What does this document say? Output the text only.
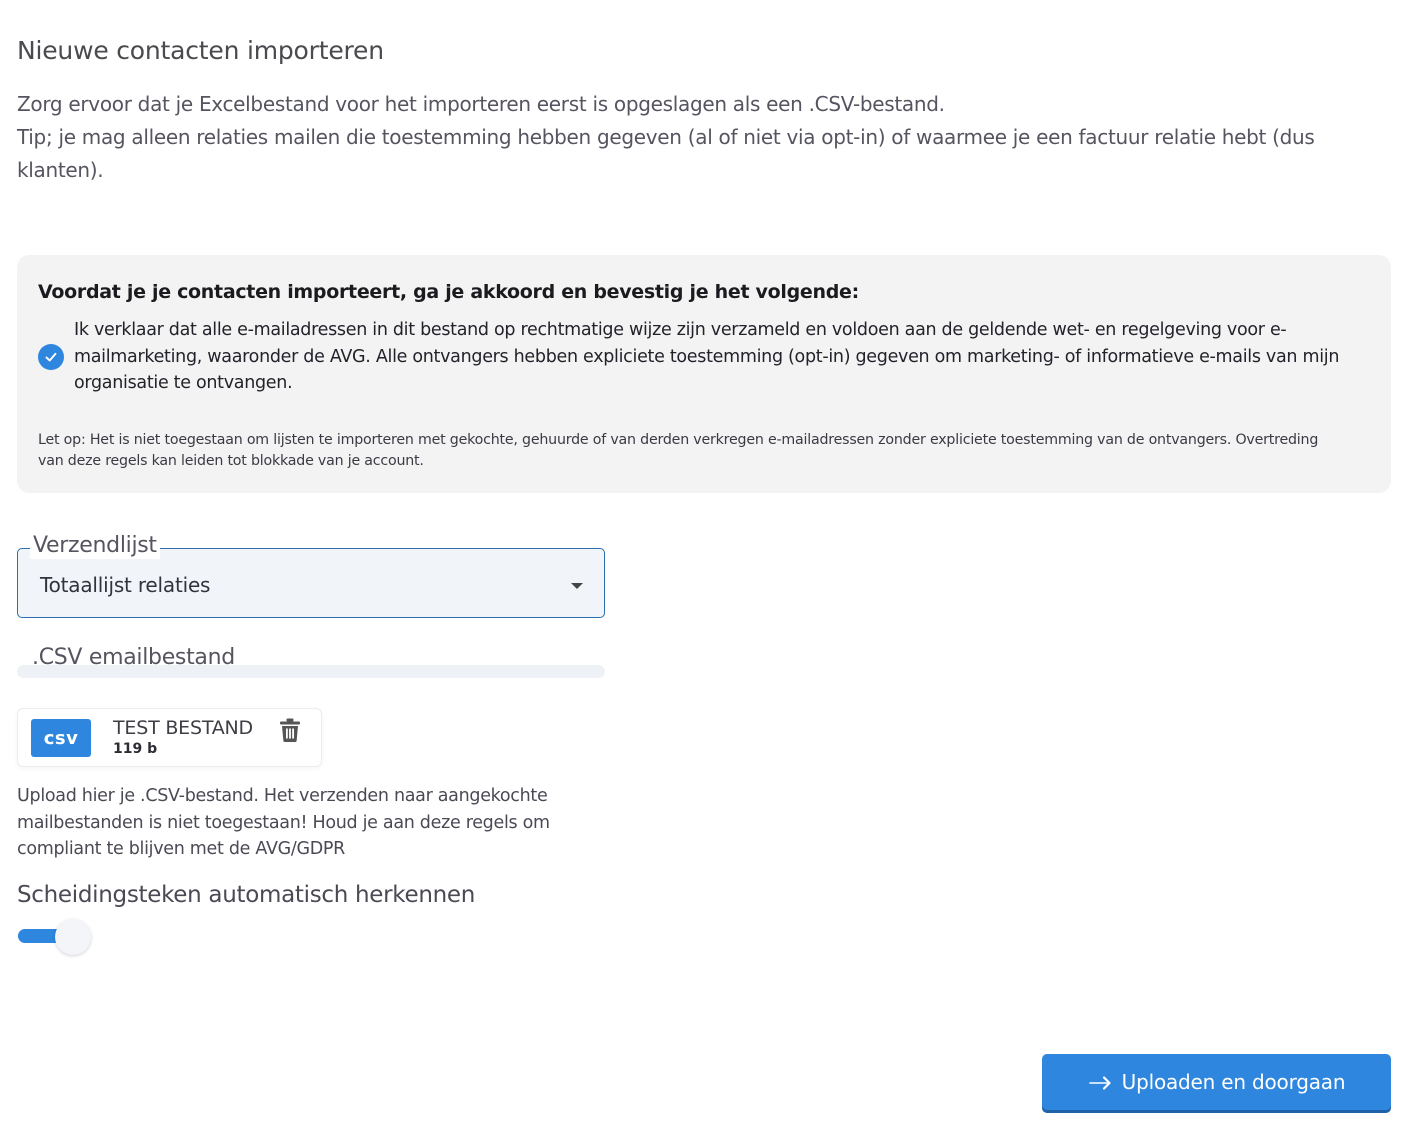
Nieuwe contacten importeren

Zorg ervoor dat je Excelbestand voor het importeren eerst is opgeslagen als een .CSV-bestand.

Tip; je mag alleen relaties mailen die toestemming hebben gegeven (al of niet via opt-in) of waarmee je een factuur relatie hebt (dus klanten).

Voordat je je contacten importeert, ga je akkoord en bevestig je het volgende:
Ik verklaar dat alle e-mailadressen in dit bestand op rechtmatige wijze zijn verzameld en voldoen aan de geldende wet- en regelgeving voor e-mailmarketing, waaronder de AVG. Alle ontvangers hebben expliciete toestemming (opt-in) gegeven om marketing- of informatieve e-mails van mijn organisatie te ontvangen.
Let op: Het is niet toegestaan om lijsten te importeren met gekochte, gehuurde of van derden verkregen e-mailadressen zonder expliciete toestemming van de ontvangers. Overtreding van deze regels kan leiden tot blokkade van je account.
Verzendlijst
Totaallijst relaties
.CSV emailbestand
csv	TEST BESTAND
119 b
Upload hier je .CSV-bestand. Het verzenden naar aangekochte mailbestanden is niet toegestaan! Houd je aan deze regels om compliant te blijven met de AVG/GDPR
Scheidingsteken automatisch herkennen
Uploaden en doorgaan
